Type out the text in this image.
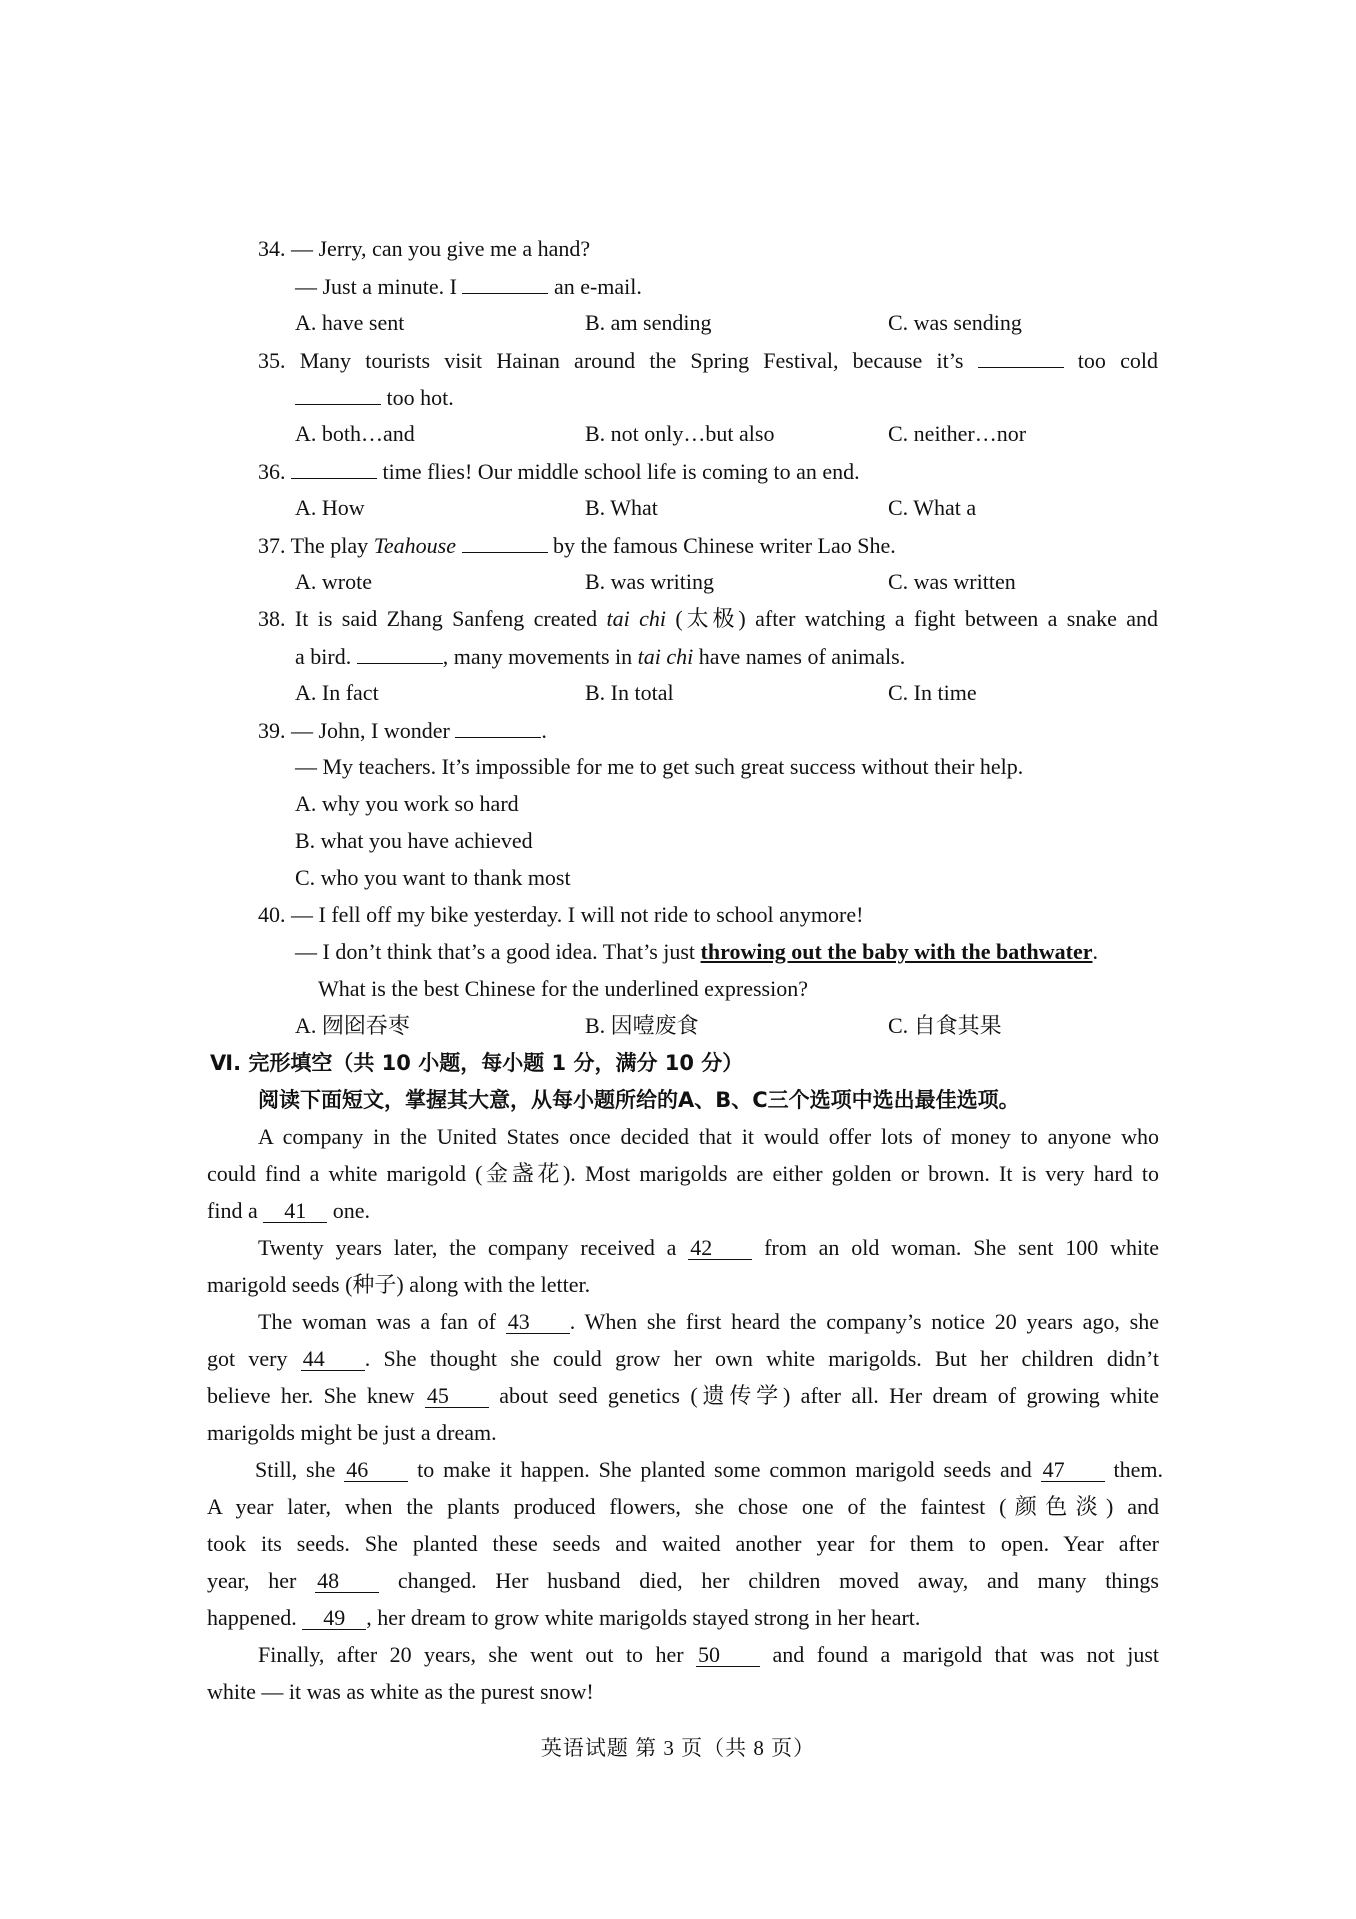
34. — Jerry, can you give me a hand?
— Just a minute. I	an e-mail.
A. have sent	B. am sending	C. was sending
35. Many tourists visit Hainan around the Spring Festival, because it’s	too cold
too hot.
A. both…and	B. not only…but also	C. neither…nor
36.	time flies! Our middle school life is coming to an end.
A. How	B. What	C. What a
37. The play Teahouse	by the famous Chinese writer Lao She.
A. wrote	B. was writing	C. was written
38. It is said Zhang Sanfeng created tai chi (太极) after watching a fight between a snake and
a bird.	, many movements in tai chi have names of animals.
A. In fact	B. In total	C. In time
39. — John, I wonder	.
— My teachers. It’s impossible for me to get such great success without their help.
A. why you work so hard
B. what you have achieved
C. who you want to thank most
40. — I fell off my bike yesterday. I will not ride to school anymore!
— I don’t think that’s a good idea. That’s just throwing out the baby with the bathwater.
What is the best Chinese for the underlined expression?
A. 囫囵吞枣	B. 因噎废食	C. 自食其果
Ⅵ. 完形填空（共 10 小题，每小题 1 分，满分 10 分）
阅读下面短文，掌握其大意，从每小题所给的A、B、C三个选项中选出最佳选项。
A company in the United States once decided that it would offer lots of money to anyone who
could find a white marigold (金盏花). Most marigolds are either golden or brown. It is very hard to
find a 41 one.
Twenty years later, the company received a 42 from an old woman. She sent 100 white
marigold seeds (种子) along with the letter.
The woman was a fan of 43 . When she first heard the company’s notice 20 years ago, she
got very 44 . She thought she could grow her own white marigolds. But her children didn’t
believe her. She knew 45 about seed genetics (遗传学) after all. Her dream of growing white
marigolds might be just a dream.
Still, she 46 to make it happen. She planted some common marigold seeds and 47 them.
A year later, when the plants produced flowers, she chose one of the faintest (颜色淡) and
took its seeds. She planted these seeds and waited another year for them to open. Year after
year, her 48 changed. Her husband died, her children moved away, and many things
happened. 49 , her dream to grow white marigolds stayed strong in her heart.
Finally, after 20 years, she went out to her 50 and found a marigold that was not just
white — it was as white as the purest snow!
英语试题 第 3 页（共 8 页）
